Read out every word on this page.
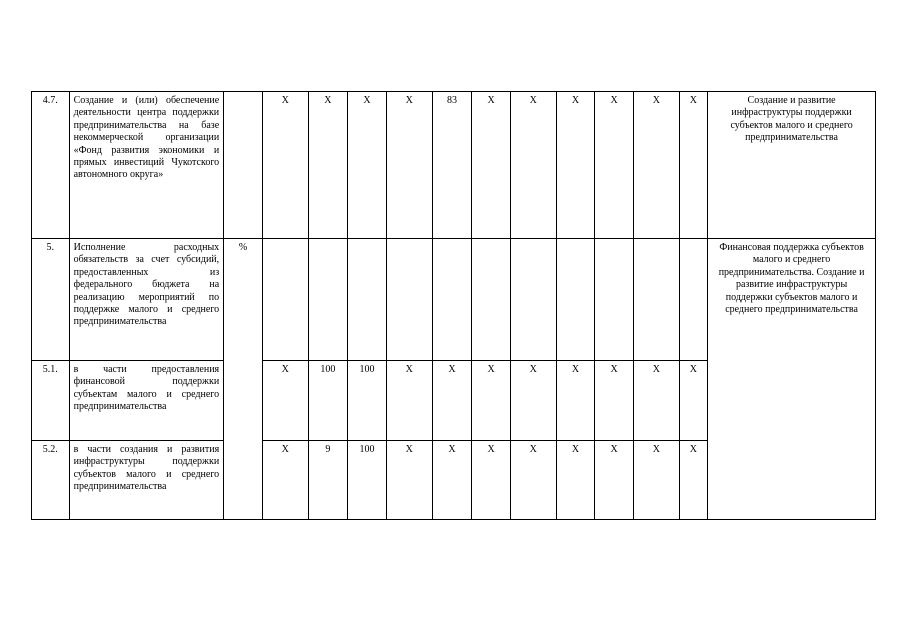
4.7.	Создание и (или) обеспечение деятельности центра поддержки предпринимательства на базе некоммерческой организации «Фонд развития экономики и прямых инвестиций Чукотского автономного округа»		X	X	X	X	83	X	X	X	X	X	X	Создание и развитие инфраструктуры поддержки субъектов малого и среднего предпринимательства
5.	Исполнение расходных обязательств за счет субсидий, предоставленных из федерального бюджета на реализацию мероприятий по поддержке малого и среднего предпринимательства	%												Финансовая поддержка субъектов малого и среднего предпринимательства. Создание и развитие инфраструктуры поддержки субъектов малого и среднего предпринимательства
5.1.	в части предоставления финансовой поддержки субъектам малого и среднего предпринимательства		X	100	100	X	X	X	X	X	X	X	X	
5.2.	в части создания и развития инфраструктуры поддержки субъектов малого и среднего предпринимательства		X	9	100	X	X	X	X	X	X	X	X	
